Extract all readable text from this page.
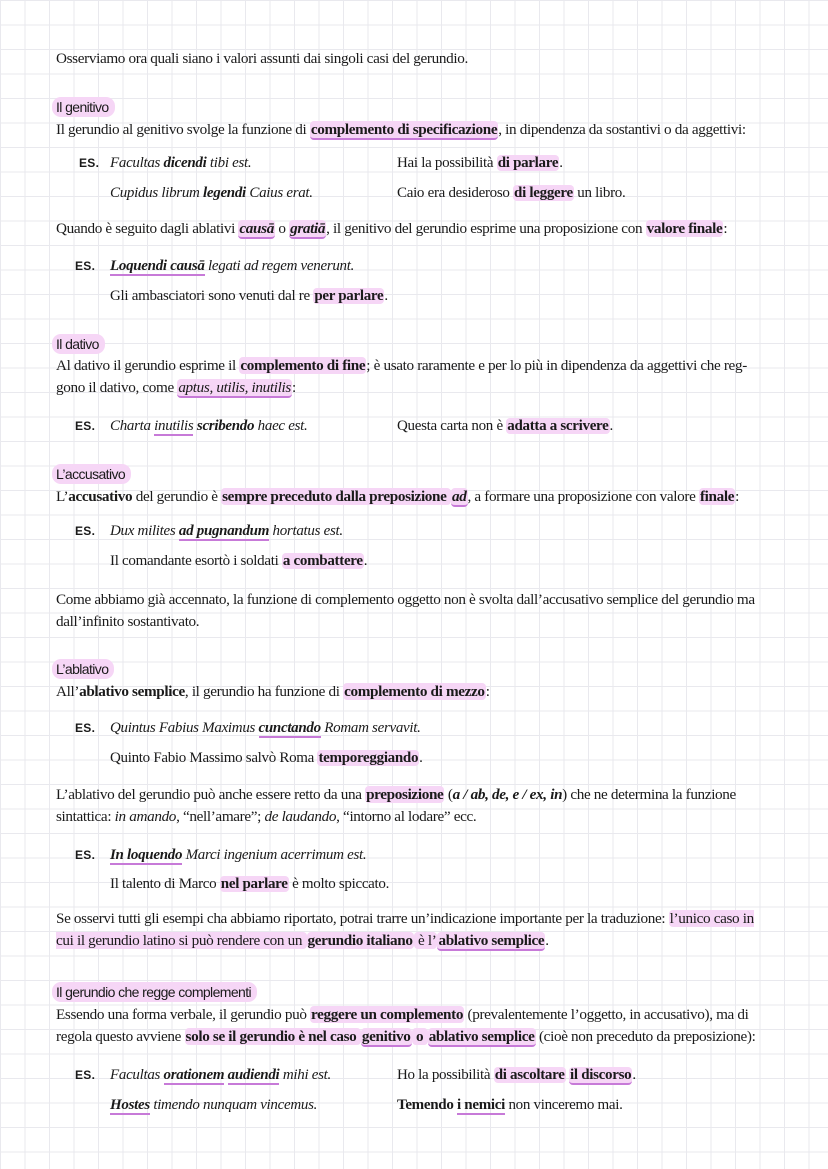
Osserviamo ora quali siano i valori assunti dai singoli casi del gerundio.
Il genitivo
Il gerundio al genitivo svolge la funzione di complemento di specificazione, in dipendenza da sostantivi o da aggettivi:
ES. Facultas dicendi tibi est.	Hai la possibilità di parlare.
Cupidus librum legendi Caius erat.	Caio era desideroso di leggere un libro.
Quando è seguito dagli ablativi causā o gratiā, il genitivo del gerundio esprime una proposizione con valore finale:
ES. Loquendi causā legati ad regem venerunt.
Gli ambasciatori sono venuti dal re per parlare.
Il dativo
Al dativo il gerundio esprime il complemento di fine; è usato raramente e per lo più in dipendenza da aggettivi che reg-gono il dativo, come aptus, utilis, inutilis:
ES. Charta inutilis scribendo haec est.	Questa carta non è adatta a scrivere.
L’accusativo
L’accusativo del gerundio è sempre preceduto dalla preposizione ad, a formare una proposizione con valore finale:
ES. Dux milites ad pugnandum hortatus est.
Il comandante esortò i soldati a combattere.
Come abbiamo già accennato, la funzione di complemento oggetto non è svolta dall’accusativo semplice del gerundio ma dall’infinito sostantivato.
L’ablativo
All’ablativo semplice, il gerundio ha funzione di complemento di mezzo:
ES. Quintus Fabius Maximus cunctando Romam servavit.
Quinto Fabio Massimo salvò Roma temporeggiando.
L’ablativo del gerundio può anche essere retto da una preposizione (a / ab, de, e / ex, in) che ne determina la funzione sintattica: in amando, “nell’amare”; de laudando, “intorno al lodare” ecc.
ES. In loquendo Marci ingenium acerrimum est.
Il talento di Marco nel parlare è molto spiccato.
Se osservi tutti gli esempi cha abbiamo riportato, potrai trarre un’indicazione importante per la traduzione: l’unico caso in cui il gerundio latino si può rendere con un gerundio italiano è l’ ablativo semplice.
Il gerundio che regge complementi
Essendo una forma verbale, il gerundio può reggere un complemento (prevalentemente l’oggetto, in accusativo), ma di regola questo avviene solo se il gerundio è nel caso genitivo o ablativo semplice (cioè non preceduto da preposizione):
ES. Facultas orationem audiendi mihi est.	Ho la possibilità di ascoltare il discorso.
Hostes timendo nunquam vincemus.	Temendo i nemici non vinceremo mai.
